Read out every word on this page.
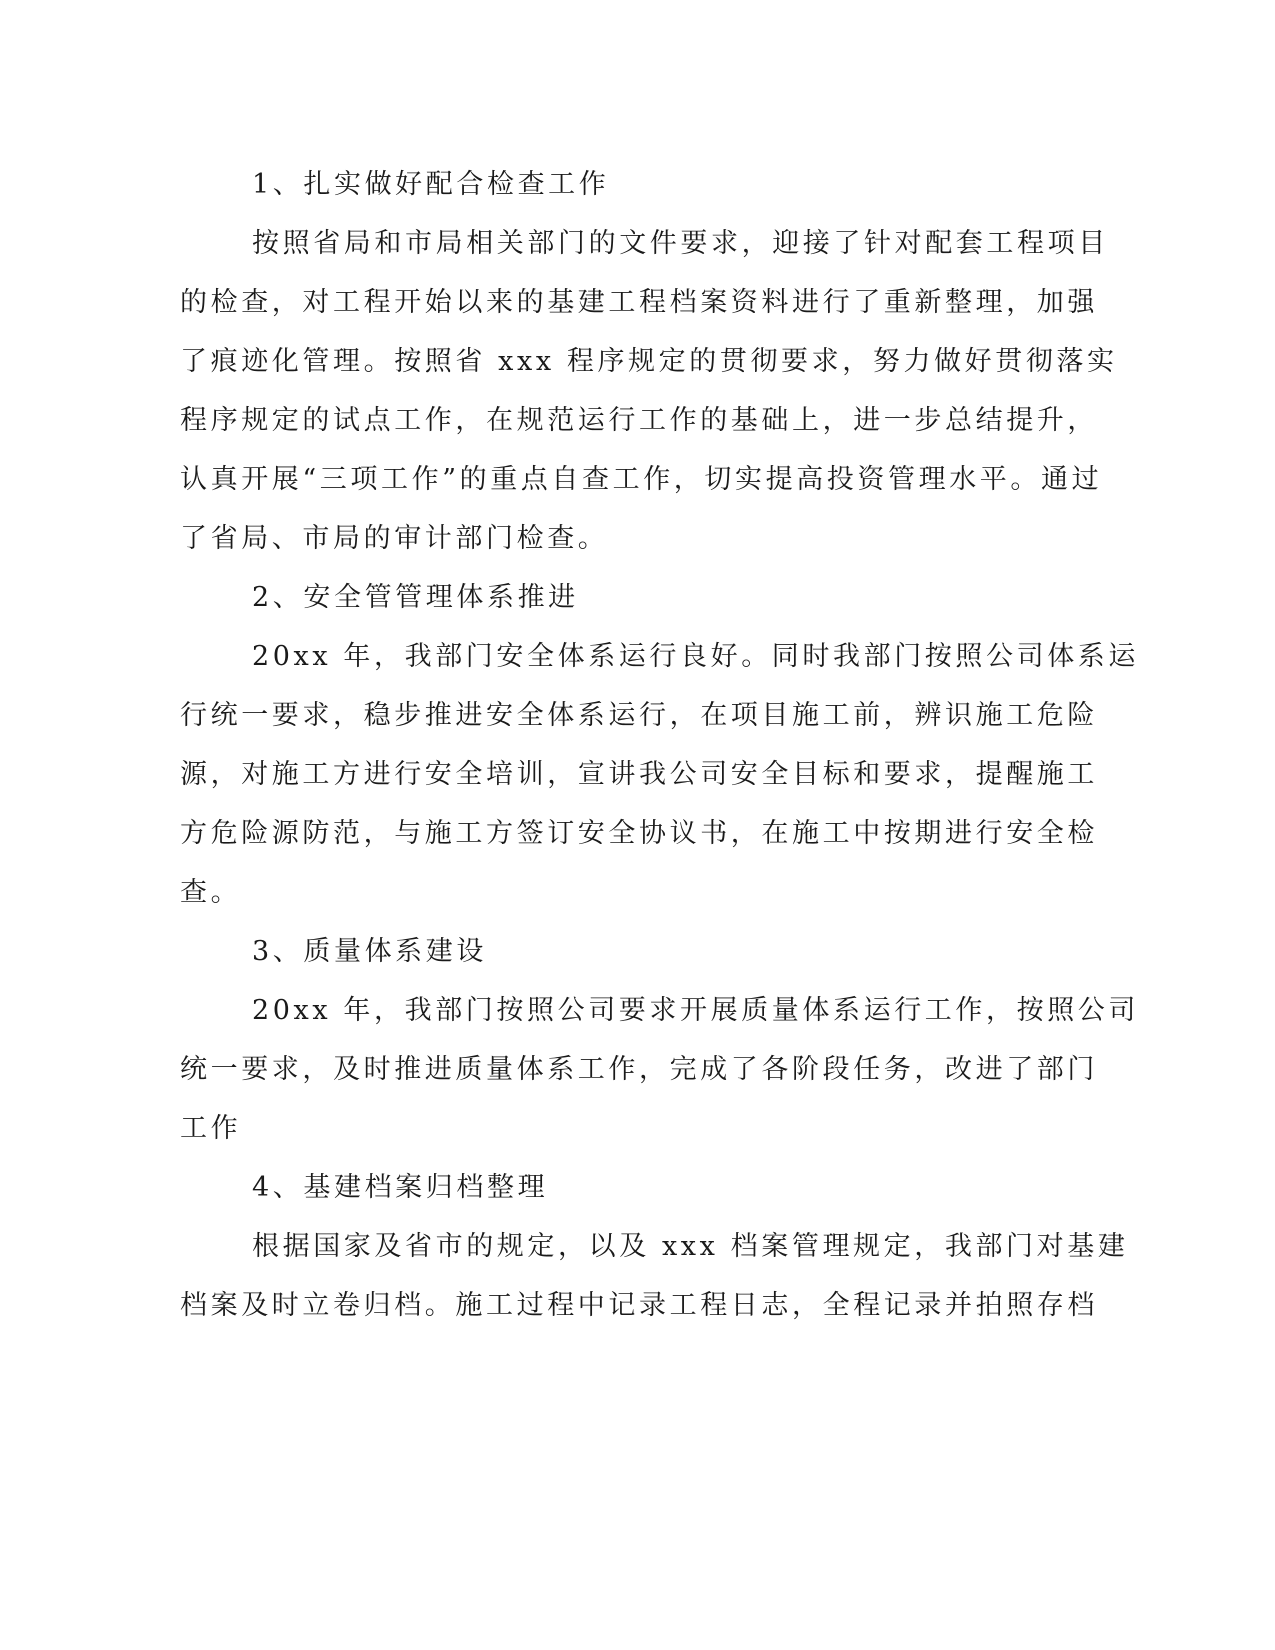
1、扎实做好配合检查工作
按照省局和市局相关部门的文件要求，迎接了针对配套工程项目
的检查，对工程开始以来的基建工程档案资料进行了重新整理，加强
了痕迹化管理。按照省 xxx 程序规定的贯彻要求，努力做好贯彻落实
程序规定的试点工作，在规范运行工作的基础上，进一步总结提升，
认真开展“三项工作”的重点自查工作，切实提高投资管理水平。通过
了省局、市局的审计部门检查。
2、安全管管理体系推进
20xx 年，我部门安全体系运行良好。同时我部门按照公司体系运
行统一要求，稳步推进安全体系运行，在项目施工前，辨识施工危险
源，对施工方进行安全培训，宣讲我公司安全目标和要求，提醒施工
方危险源防范，与施工方签订安全协议书，在施工中按期进行安全检
查。
3、质量体系建设
20xx 年，我部门按照公司要求开展质量体系运行工作，按照公司
统一要求，及时推进质量体系工作，完成了各阶段任务，改进了部门
工作
4、基建档案归档整理
根据国家及省市的规定，以及 xxx 档案管理规定，我部门对基建
档案及时立卷归档。施工过程中记录工程日志，全程记录并拍照存档
